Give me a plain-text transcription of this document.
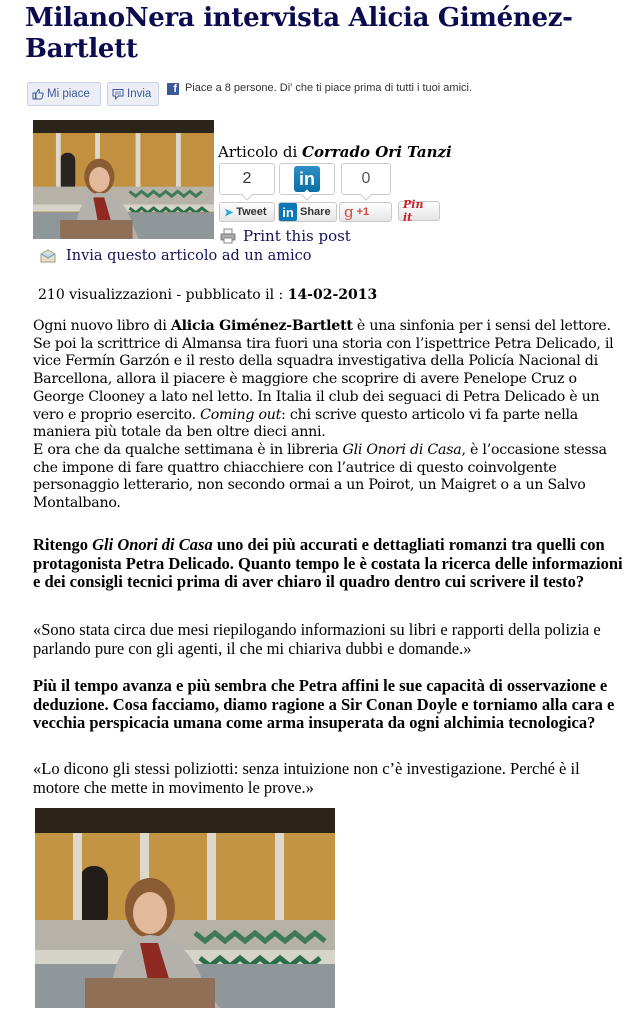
MilanoNera intervista Alicia Giménez-Bartlett
Mi piace	Invia	f Piace a 8 persone. Di' che ti piace prima di tutti i tuoi amici.
Articolo di Corrado Ori Tanzi
2	in	0
➤ Tweet in Share g +1
Pin it
Print this post
Invia questo articolo ad un amico
210 visualizzazioni - pubblicato il : 14-02-2013
Ogni nuovo libro di Alicia Giménez-Bartlett è una sinfonia per i sensi del lettore. Se poi la scrittrice di Almansa tira fuori una storia con l’ispettrice Petra Delicado, il vice Fermín Garzón e il resto della squadra investigativa della Policía Nacional di Barcellona, allora il piacere è maggiore che scoprire di avere Penelope Cruz o George Clooney a lato nel letto. In Italia il club dei seguaci di Petra Delicado è un vero e proprio esercito. Coming out: chi scrive questo articolo vi fa parte nella maniera più totale da ben oltre dieci anni.
E ora che da qualche settimana è in libreria Gli Onori di Casa, è l’occasione stessa che impone di fare quattro chiacchiere con l’autrice di questo coinvolgente personaggio letterario, non secondo ormai a un Poirot, un Maigret o a un Salvo Montalbano.

Ritengo Gli Onori di Casa uno dei più accurati e dettagliati romanzi tra quelli con protagonista Petra Delicado. Quanto tempo le è costata la ricerca delle informazioni e dei consigli tecnici prima di aver chiaro il quadro dentro cui scrivere il testo?

«Sono stata circa due mesi riepilogando informazioni su libri e rapporti della polizia e parlando pure con gli agenti, il che mi chiariva dubbi e domande.»

Più il tempo avanza e più sembra che Petra affini le sue capacità di osservazione e deduzione. Cosa facciamo, diamo ragione a Sir Conan Doyle e torniamo alla cara e vecchia perspicacia umana come arma insuperata da ogni alchimia tecnologica?

«Lo dicono gli stessi poliziotti: senza intuizione non c’è investigazione. Perché è il motore che mette in movimento le prove.»
